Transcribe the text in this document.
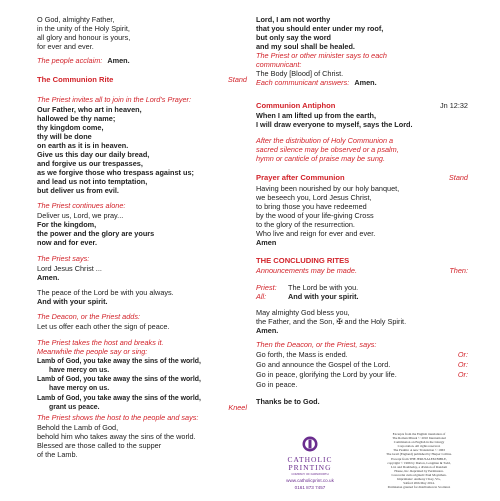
O God, almighty Father,
in the unity of the Holy Spirit,
all glory and honour is yours,
for ever and ever.
The people acclaim: Amen.
The Communion Rite	Stand
The Priest invites all to join in the Lord’s Prayer:
Our Father, who art in heaven,
hallowed be thy name;
thy kingdom come,
thy will be done
on earth as it is in heaven.
Give us this day our daily bread,
and forgive us our trespasses,
as we forgive those who trespass against us;
and lead us not into temptation,
but deliver us from evil.
The Priest continues alone:
Deliver us, Lord, we pray...
For the kingdom,
the power and the glory are yours
now and for ever.
The Priest says:
Lord Jesus Christ ...
Amen.
The peace of the Lord be with you always.
And with your spirit.
The Deacon, or the Priest adds:
Let us offer each other the sign of peace.
The Priest takes the host and breaks it.
Meanwhile the people say or sing:
Lamb of God, you take away the sins of the world,
have mercy on us.
Lamb of God, you take away the sins of the world,
have mercy on us.
Lamb of God, you take away the sins of the world,
grant us peace.	Kneel
The Priest shows the host to the people and says:
Behold the Lamb of God,
behold him who takes away the sins of the world.
Blessed are those called to the supper
of the Lamb.
Lord, I am not worthy
that you should enter under my roof,
but only say the word
and my soul shall be healed.
The Priest or other minister says to each
communicant:
The Body [Blood] of Christ.
Each communicant answers: Amen.
Communion Antiphon	Jn 12:32
When I am lifted up from the earth,
I will draw everyone to myself, says the Lord.
After the distribution of Holy Communion a
sacred silence may be observed or a psalm,
hymn or canticle of praise may be sung.
Prayer after Communion	Stand
Having been nourished by our holy banquet,
we beseech you, Lord Jesus Christ,
to bring those you have redeemed
by the wood of your life-giving Cross
to the glory of the resurrection.
Who live and reign for ever and ever.
Amen
THE CONCLUDING RITES
Announcements may be made.	Then:
Priest: The Lord be with you.
All:	And with your spirit.
May almighty God bless you,
the Father, and the Son, ✠ and the Holy Spirit.
Amen.
Then the Deacon, or the Priest, says:
Go forth, the Mass is ended.	Or:
Go and announce the Gospel of the Lord.	Or:
Go in peace, glorifying the Lord by your life.	Or:
Go in peace.
Thanks be to God.
CATHOLIC
PRINTING
COMPANY OF FARNWORTH
www.catholicprint.co.uk
0161 873 7457
Excerpts from the English translation of
The Roman Missal © 2010 International
Commission on English in the Liturgy
Corporation. All rights reserved.
The Psalms: A new Translation © 1963
The Grail (England) published by Harper Collins.
Excerpt from THE JERUSALEM BIBLE,
copyright © 1966 by Darton, Longman & Todd,
Ltd. and Doubleday, a division of Random
House, Inc. Reprinted by Permission.
Concordat cum originali: Paul Moynihan.
Imprimatur: Anthony J Kay, VG,
Salford 20th May 2014.
Permission granted for distribution in Scotland.
